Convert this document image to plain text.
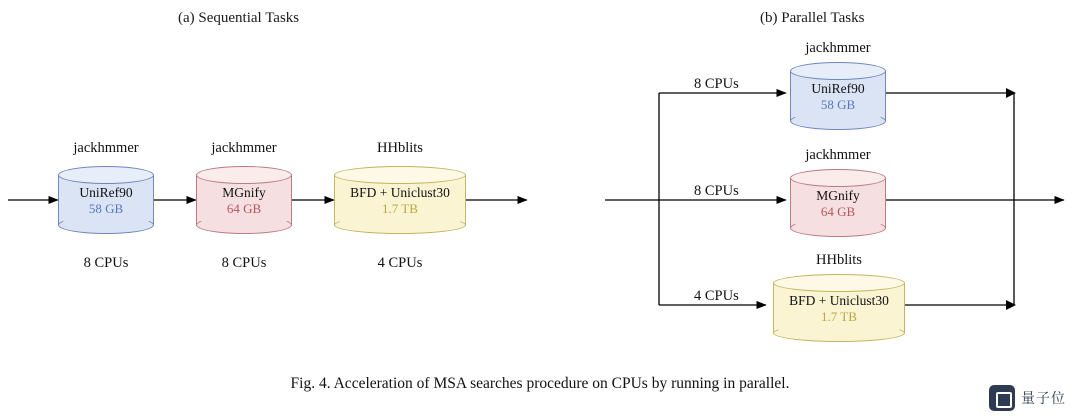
(a) Sequential Tasks	(b) Parallel Tasks
jackhmmer
UniRef90
58 GB
8 CPUs
jackhmmer
MGnify
64 GB
8 CPUs
HHblits
BFD + Uniclust30
1.7 TB
4 CPUs
8 CPUs
jackhmmer
UniRef90
58 GB
8 CPUs
jackhmmer
MGnify
64 GB
4 CPUs
HHblits
BFD + Uniclust30
1.7 TB
Fig. 4. Acceleration of MSA searches procedure on CPUs by running in parallel.
量子位
